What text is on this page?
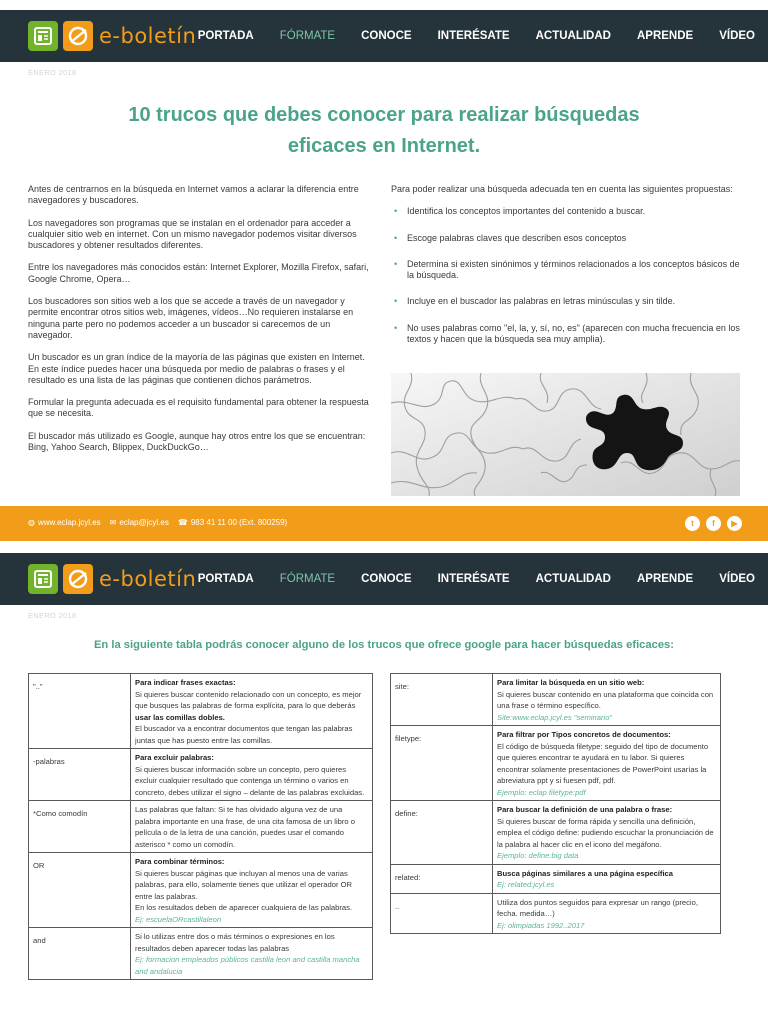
e-boletín PORTADA	FÓRMATE	CONOCE	INTERÉSATE	ACTUALIDAD	APRENDE	VÍDEO
ENERO 2018
10 trucos que debes conocer para realizar búsquedas
eficaces en Internet.

Antes de centrarnos en la búsqueda en Internet vamos a aclarar la diferencia entre navegadores y buscadores.

Los navegadores son programas que se instalan en el ordenador para acceder a cualquier sitio web en internet. Con un mismo navegador podemos visitar diversos buscadores y obtener resultados diferentes.

Entre los navegadores más conocidos están: Internet Explorer, Mozilla Firefox, safari, Google Chrome, Opera…

Los buscadores son sitios web a los que se accede a través de un navegador y permite encontrar otros sitios web, imágenes, vídeos…No requieren instalarse en ninguna parte pero no podemos acceder a un buscador si carecemos de un navegador.

Un buscador es un gran índice de la mayoría de las páginas que existen en Internet. En este índice puedes hacer una búsqueda por medio de palabras o frases y el resultado es una lista de las páginas que contienen dichos parámetros.

Formular la pregunta adecuada es el requisito fundamental para obtener la respuesta que se necesita.

El buscador más utilizado es Google, aunque hay otros entre los que se encuentran: Bing, Yahoo Search, Blippex, DuckDuckGo…

Para poder realizar una búsqueda adecuada ten en cuenta las siguientes propuestas:

• Identifica los conceptos importantes del contenido a buscar.
• Escoge palabras claves que describen esos conceptos
• Determina si existen sinónimos y términos relacionados a los conceptos básicos de la búsqueda.
• Incluye en el buscador las palabras en letras minúsculas y sin tilde.
• No uses palabras como "el, la, y, sí, no, es" (aparecen con mucha frecuencia en los textos y hacen que la búsqueda sea muy amplia).
◍ www.eclap.jcyl.es ✉ eclap@jcyl.es ☎ 983 41 11 00 (Ext. 800259)	t	f	▶
e-boletín PORTADA	FÓRMATE	CONOCE	INTERÉSATE	ACTUALIDAD	APRENDE	VÍDEO
ENERO 2018
En la siguiente tabla podrás conocer alguno de los trucos que ofrece google para hacer búsquedas eficaces:
".."	Para indicar frases exactas:
Si quieres buscar contenido relacionado con un concepto, es mejor que busques las palabras de forma explícita, para lo que deberás usar las comillas dobles.
El buscador va a encontrar documentos que tengan las palabras juntas que has puesto entre las comillas.

-palabras	Para excluir palabras:
Si quieres buscar información sobre un concepto, pero quieres excluir cualquier resultado que contenga un término o varios en concreto, debes utilizar el signo – delante de las palabras excluidas.

*Como comodín	Las palabras que faltan: Si te has olvidado alguna vez de una palabra importante en una frase, de una cita famosa de un libro o película o de la letra de una canción, puedes usar el comando asterisco * como un comodín.

OR	Para combinar términos:
Si quieres buscar páginas que incluyan al menos una de varias palabras, para ello, solamente tienes que utilizar el operador OR entre las palabras.
En los resultados deben de aparecer cualquiera de las palabras.
Ej: escuelaORcastillaleon

and	Si lo utilizas entre dos o más términos o expresiones en los resultados deben aparecer todas las palabras
Ej: formacion empleados públicos castilla leon and castilla mancha and andalucia
site:	Para limitar la búsqueda en un sitio web:
Si quieres buscar contenido en una plataforma que coincida con una frase o término específico.
Site:www.eclap.jcyl.es "seminario"

filetype:	Para filtrar por Tipos concretos de documentos:
El código de búsqueda filetype: seguido del tipo de documento que quieres encontrar te ayudará en tu labor. Si quieres encontrar solamente presentaciones de PowerPoint usarías la abreviatura ppt y si fuesen pdf, pdf.
Ejemplo: eclap filetype:pdf

define:	Para buscar la definición de una palabra o frase:
Si quieres buscar de forma rápida y sencilla una definición, emplea el código define: pudiendo escuchar la pronunciación de la palabra al hacer clic en el icono del megáfono.
Ejemplo: define:big data

related:	Busca páginas similares a una página específica
Ej: related:jcyl.es

..	Utiliza dos puntos seguidos para expresar un rango (precio, fecha. medida…)
Ej: olimpiadas 1992..2017
